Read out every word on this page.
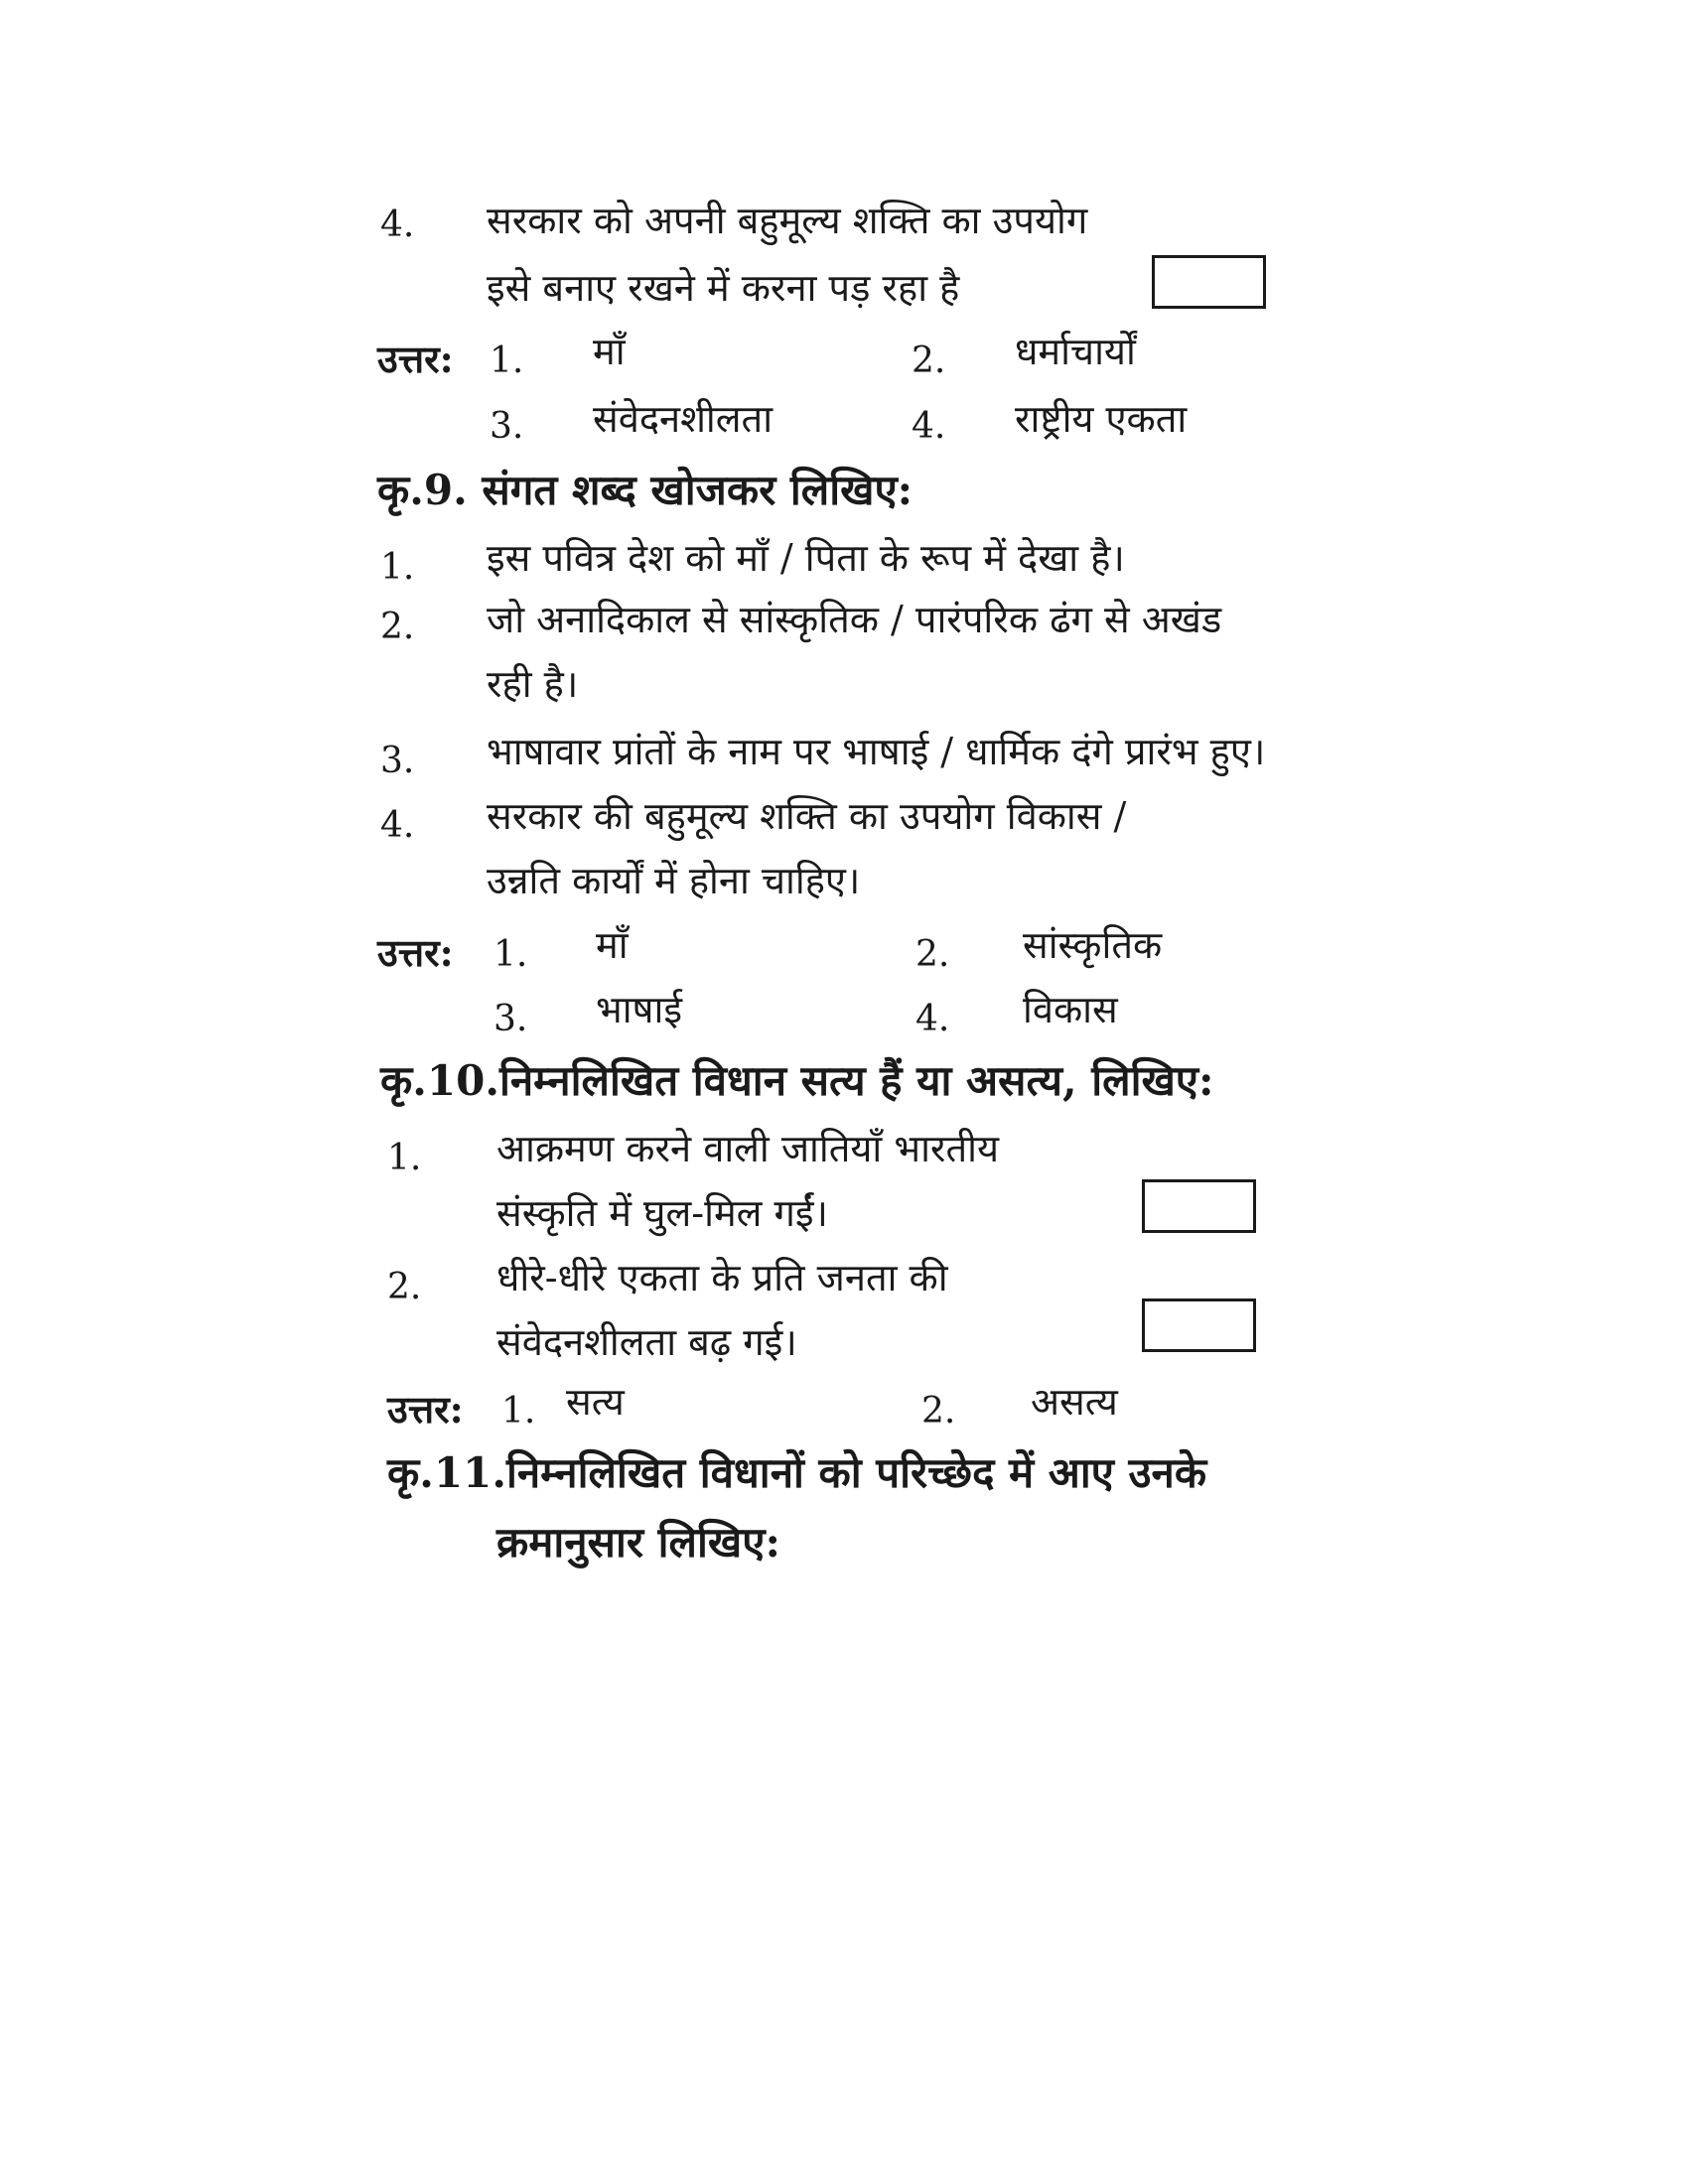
4. सरकार को अपनी बहुमूल्य शक्ति का उपयोग
इसे बनाए रखने में करना पड़ रहा है
उत्तर: 1. माँ	2. धर्माचार्यों
3. संवेदनशीलता	4. राष्ट्रीय एकता
कृ.9. संगत शब्द खोजकर लिखिए:
1. इस पवित्र देश को माँ / पिता के रूप में देखा है।
2. जो अनादिकाल से सांस्कृतिक / पारंपरिक ढंग से अखंड
रही है।
3. भाषावार प्रांतों के नाम पर भाषाई / धार्मिक दंगे प्रारंभ हुए।
4. सरकार की बहुमूल्य शक्ति का उपयोग विकास /
उन्नति कार्यों में होना चाहिए।
उत्तर: 1. माँ	2. सांस्कृतिक
3. भाषाई	4. विकास
कृ.10.निम्नलिखित विधान सत्य हैं या असत्य, लिखिए:
1. आक्रमण करने वाली जातियाँ भारतीय
संस्कृति में घुल-मिल गईं।
2. धीरे-धीरे एकता के प्रति जनता की
संवेदनशीलता बढ़ गई।
उत्तर: 1. सत्य	2. असत्य
कृ.11.निम्नलिखित विधानों को परिच्छेद में आए उनके
क्रमानुसार लिखिए:
